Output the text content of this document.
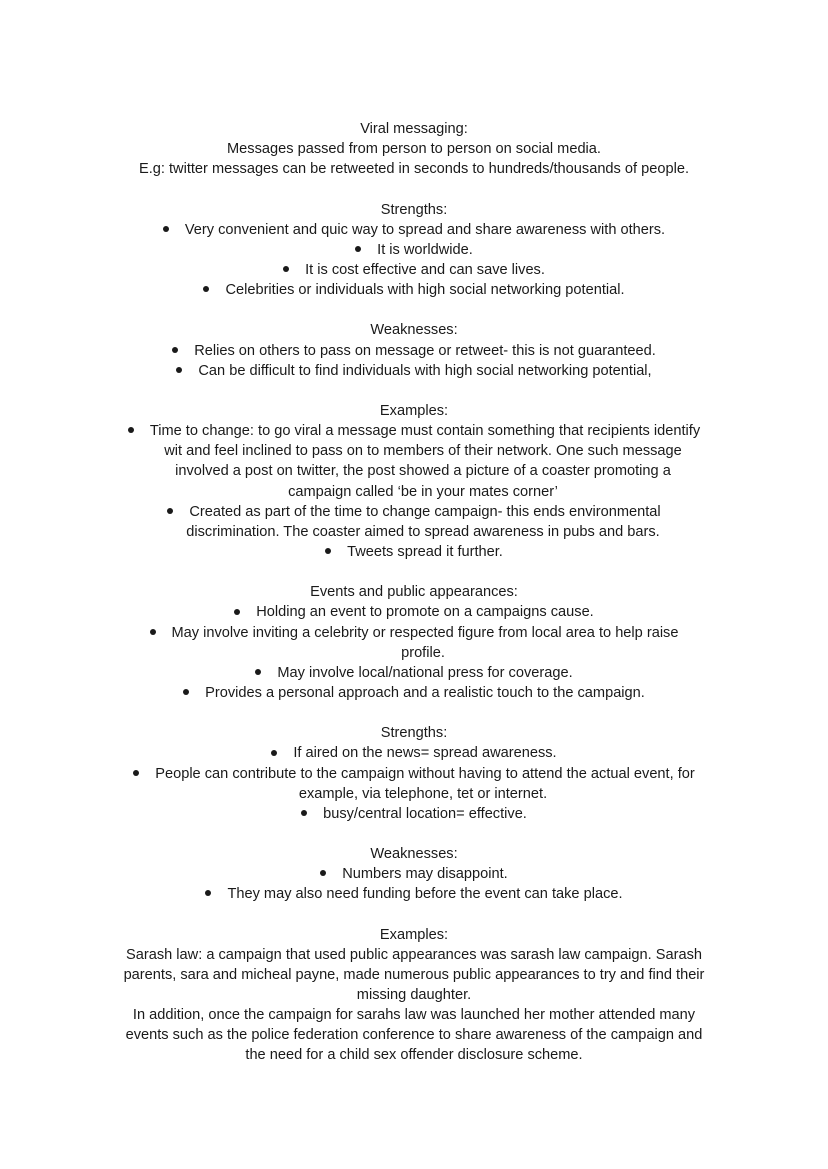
Viral messaging:
Messages passed from person to person on social media.
E.g: twitter messages can be retweeted in seconds to hundreds/thousands of people.
Strengths:
Very convenient and quic way to spread and share awareness with others.
It is worldwide.
It is cost effective and can save lives.
Celebrities or individuals with high social networking potential.
Weaknesses:
Relies on others to pass on message or retweet- this is not guaranteed.
Can be difficult to find individuals with high social networking potential,
Examples:
Time to change: to go viral a message must contain something that recipients identify
wit and feel inclined to pass on to members of their network. One such message
involved a post on twitter, the post showed a picture of a coaster promoting a
campaign called ‘be in your mates corner’
Created as part of the time to change campaign- this ends environmental
discrimination. The coaster aimed to spread awareness in pubs and bars.
Tweets spread it further.
Events and public appearances:
Holding an event to promote on a campaigns cause.
May involve inviting a celebrity or respected figure from local area to help raise
profile.
May involve local/national press for coverage.
Provides a personal approach and a realistic touch to the campaign.
Strengths:
If aired on the news= spread awareness.
People can contribute to the campaign without having to attend the actual event, for
example, via telephone, tet or internet.
busy/central location= effective.
Weaknesses:
Numbers may disappoint.
They may also need funding before the event can take place.
Examples:
Sarash law: a campaign that used public appearances was sarash law campaign. Sarash
parents, sara and micheal payne, made numerous public appearances to try and find their
missing daughter.
In addition, once the campaign for sarahs law was launched her mother attended many
events such as the police federation conference to share awareness of the campaign and
the need for a child sex offender disclosure scheme.
